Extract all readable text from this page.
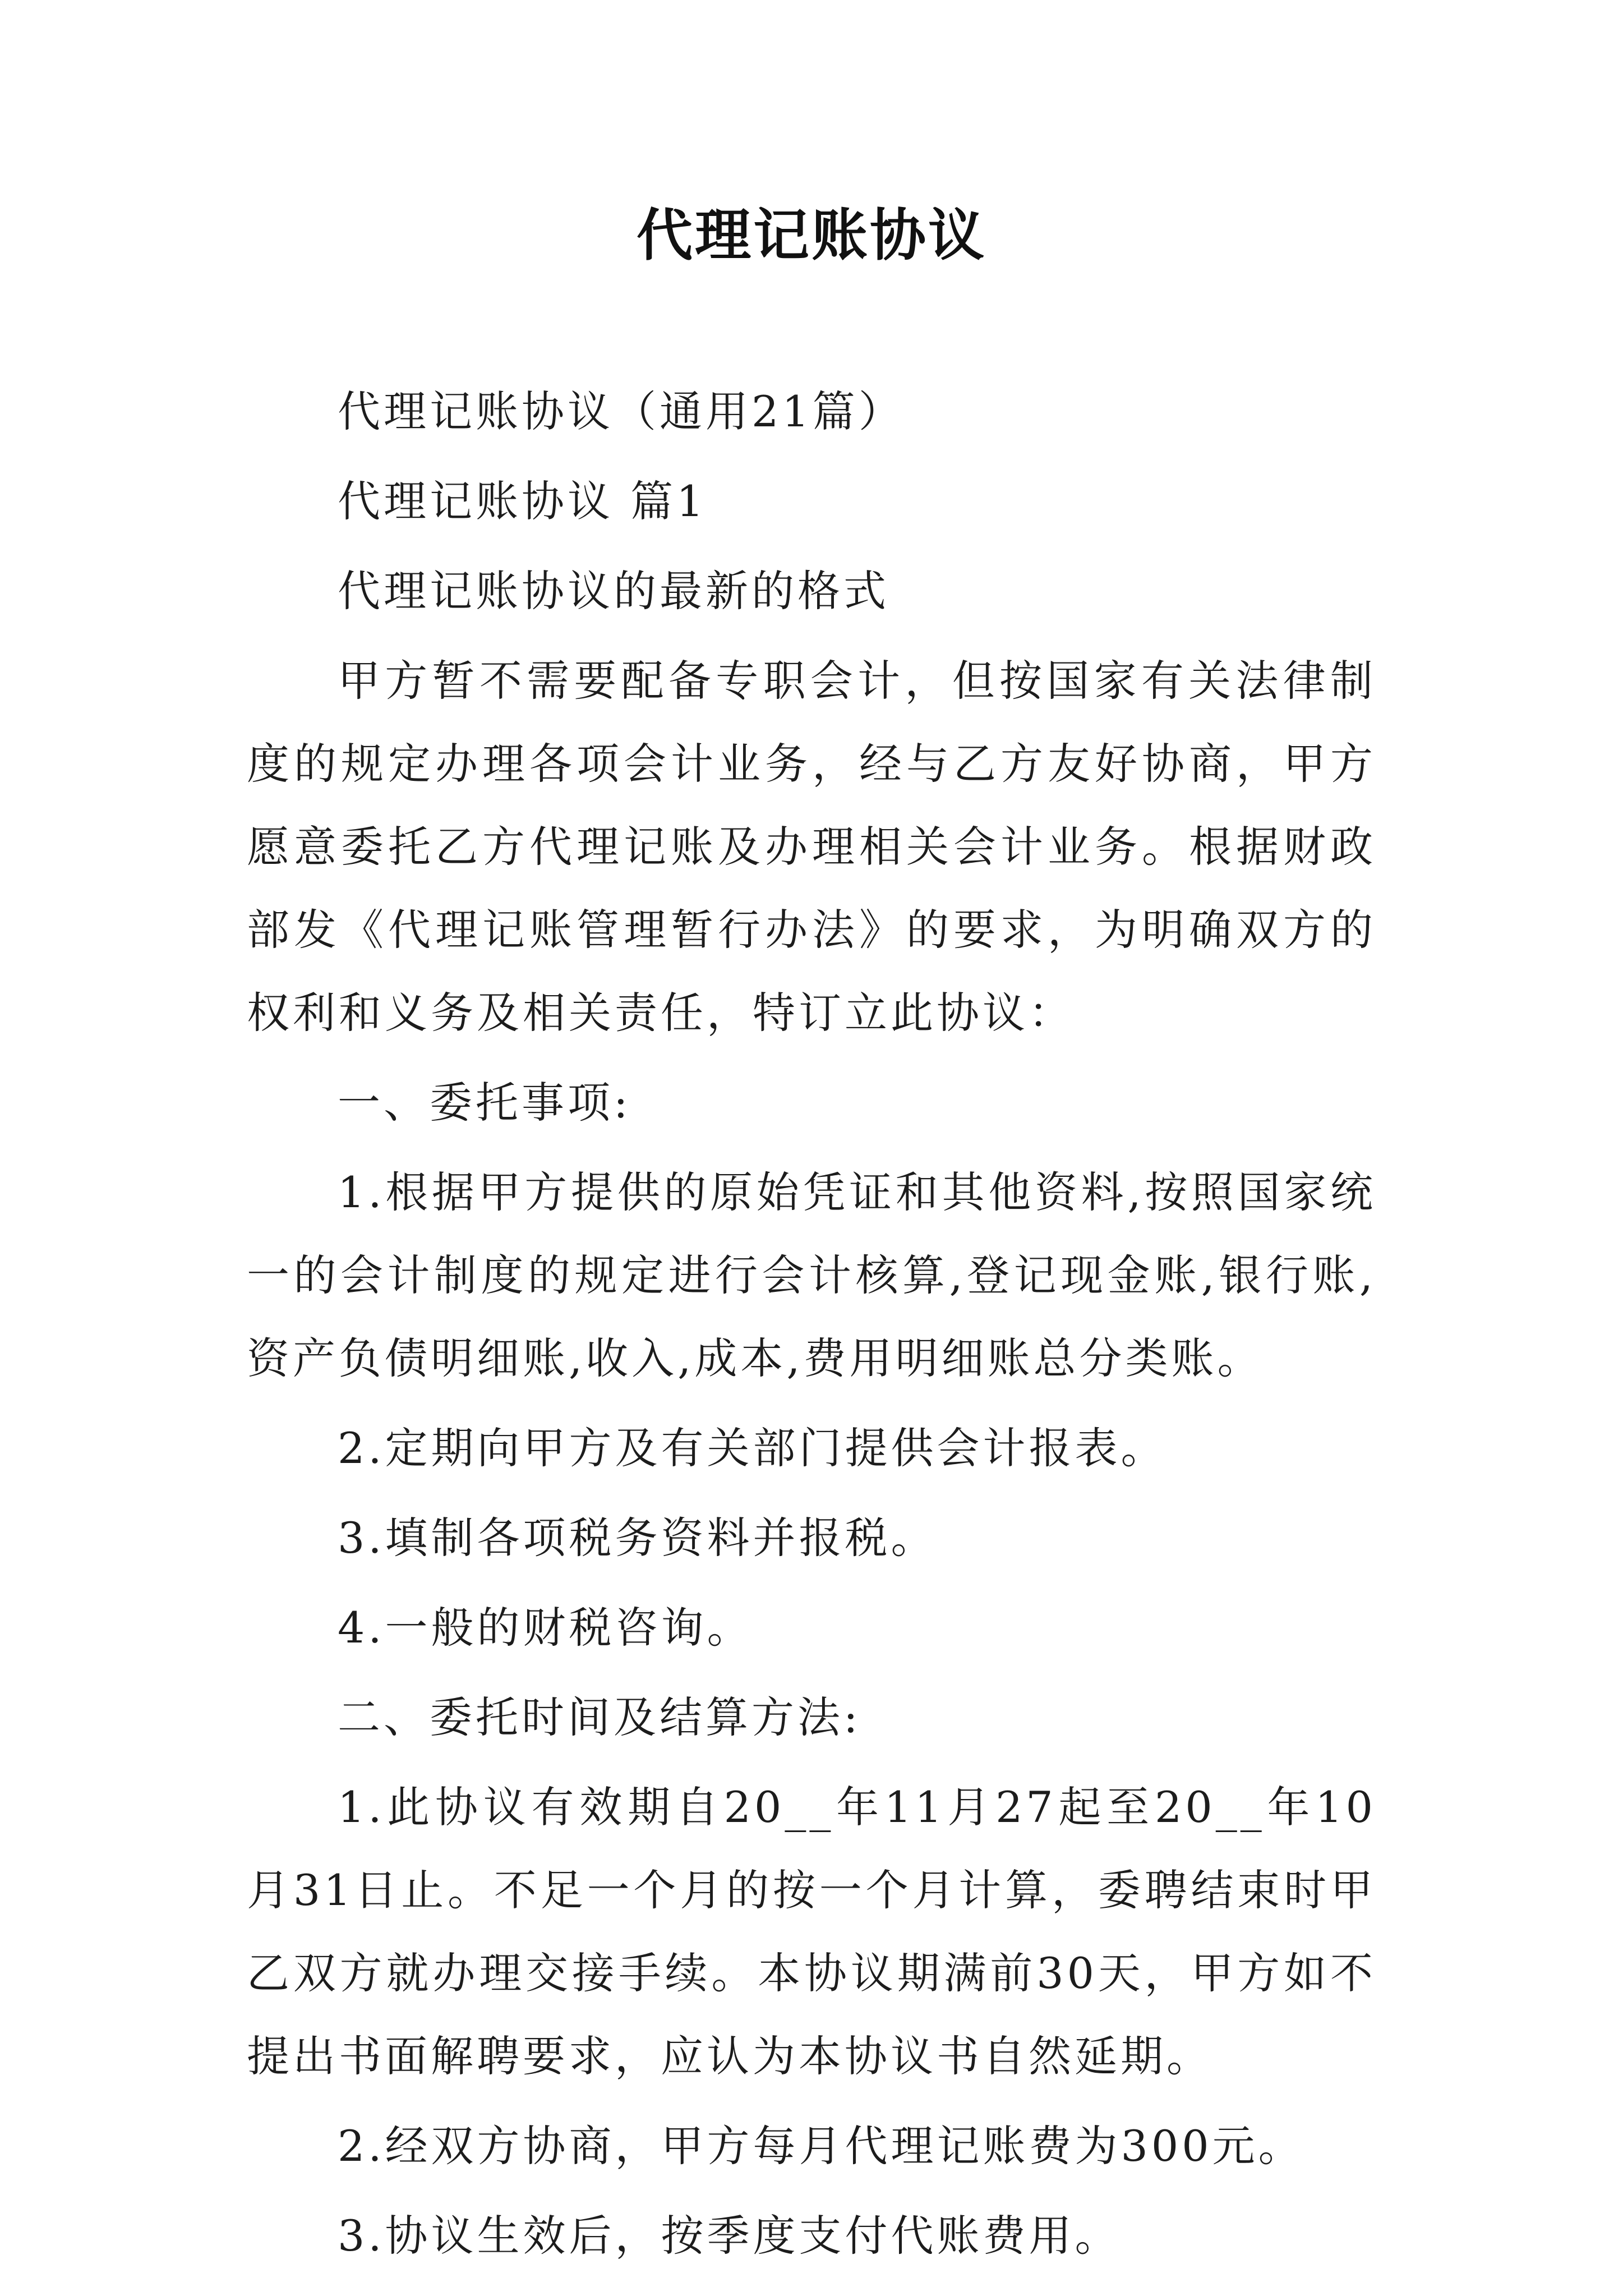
代理记账协议

代理记账协议（通用21篇）

代理记账协议 篇1

代理记账协议的最新的格式

甲方暂不需要配备专职会计，但按国家有关法律制度的规定办理各项会计业务，经与乙方友好协商，甲方愿意委托乙方代理记账及办理相关会计业务。根据财政部发《代理记账管理暂行办法》的要求，为明确双方的权利和义务及相关责任，特订立此协议：

一、委托事项:

1.根据甲方提供的原始凭证和其他资料,按照国家统一的会计制度的规定进行会计核算,登记现金账,银行账,资产负债明细账,收入,成本,费用明细账总分类账。

2.定期向甲方及有关部门提供会计报表。

3.填制各项税务资料并报税。

4.一般的财税咨询。

二、委托时间及结算方法:

1.此协议有效期自20__年11月27起至20__年10月31日止。不足一个月的按一个月计算，委聘结束时甲乙双方就办理交接手续。本协议期满前30天，甲方如不提出书面解聘要求，应认为本协议书自然延期。

2.经双方协商，甲方每月代理记账费为300元。

3.协议生效后，按季度支付代账费用。
